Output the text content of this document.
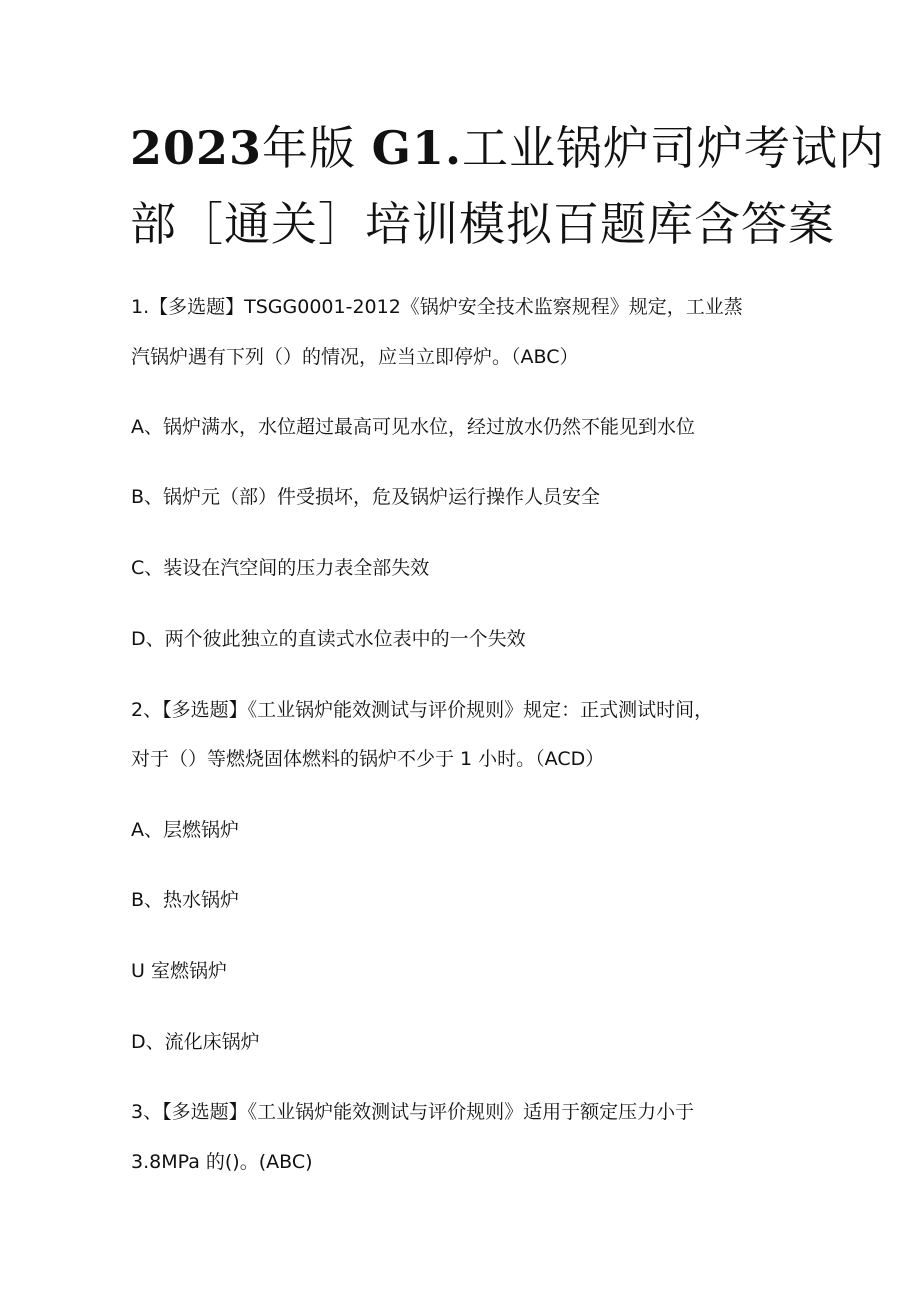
2023年版 G1.工业锅炉司炉考试内
部［通关］培训模拟百题库含答案
1.【多选题】TSGG0001-2012《锅炉安全技术监察规程》规定，工业蒸
汽锅炉遇有下列（）的情况，应当立即停炉。（ABC）
A、锅炉满水，水位超过最高可见水位，经过放水仍然不能见到水位
B、锅炉元（部）件受损坏，危及锅炉运行操作人员安全
C、装设在汽空间的压力表全部失效
D、两个彼此独立的直读式水位表中的一个失效
2、【多选题】《工业锅炉能效测试与评价规则》规定：正式测试时间，
对于（）等燃烧固体燃料的锅炉不少于 1 小时。（ACD）
A、层燃锅炉
B、热水锅炉
U 室燃锅炉
D、流化床锅炉
3、【多选题】《工业锅炉能效测试与评价规则》适用于额定压力小于
3.8MPa 的()。(ABC)
